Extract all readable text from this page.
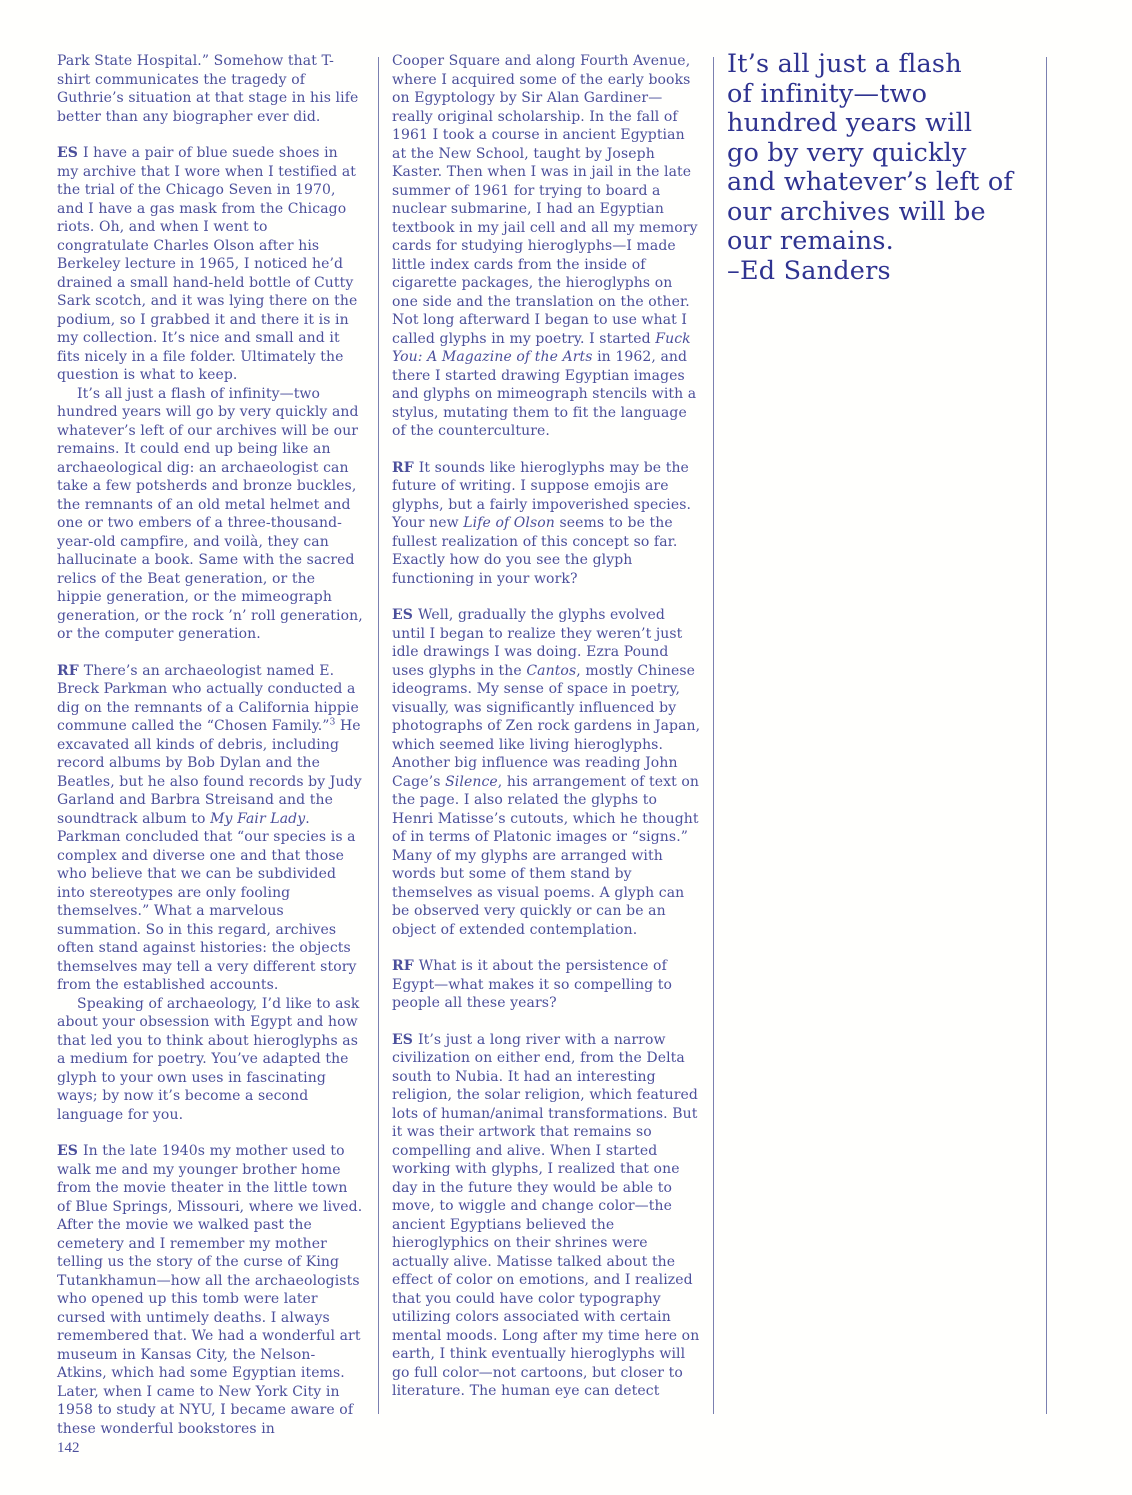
Park State Hospital.” Somehow that T-shirt communicates the tragedy of Guthrie’s situation at that stage in his life better than any biographer ever did.

ES I have a pair of blue suede shoes in my archive that I wore when I testified at the trial of the Chicago Seven in 1970, and I have a gas mask from the Chicago riots. Oh, and when I went to congratulate Charles Olson after his Berkeley lecture in 1965, I noticed he’d drained a small hand-held bottle of Cutty Sark scotch, and it was lying there on the podium, so I grabbed it and there it is in my collection. It’s nice and small and it fits nicely in a file folder. Ultimately the question is what to keep.

It’s all just a flash of infinity—two hundred years will go by very quickly and whatever’s left of our archives will be our remains. It could end up being like an archaeological dig: an archaeologist can take a few potsherds and bronze buckles, the remnants of an old metal helmet and one or two embers of a three-thousand-year-old campfire, and voilà, they can hallucinate a book. Same with the sacred relics of the Beat generation, or the hippie generation, or the mimeograph generation, or the rock ’n’ roll generation, or the computer generation.

RF There’s an archaeologist named E. Breck Parkman who actually conducted a dig on the remnants of a California hippie commune called the “Chosen Family.”$^3$ He excavated all kinds of debris, including record albums by Bob Dylan and the Beatles, but he also found records by Judy Garland and Barbra Streisand and the soundtrack album to My Fair Lady. Parkman concluded that “our species is a complex and diverse one and that those who believe that we can be subdivided into stereotypes are only fooling themselves.” What a marvelous summation. So in this regard, archives often stand against histories: the objects themselves may tell a very different story from the established accounts.

Speaking of archaeology, I’d like to ask about your obsession with Egypt and how that led you to think about hieroglyphs as a medium for poetry. You’ve adapted the glyph to your own uses in fascinating ways; by now it’s become a second language for you.

ES In the late 1940s my mother used to walk me and my younger brother home from the movie theater in the little town of Blue Springs, Missouri, where we lived. After the movie we walked past the cemetery and I remember my mother telling us the story of the curse of King Tutankhamun—how all the archaeologists who opened up this tomb were later cursed with untimely deaths. I always remembered that. We had a wonderful art museum in Kansas City, the Nelson-Atkins, which had some Egyptian items. Later, when I came to New York City in 1958 to study at NYU, I became aware of these wonderful bookstores in

Cooper Square and along Fourth Avenue, where I acquired some of the early books on Egyptology by Sir Alan Gardiner—really original scholarship. In the fall of 1961 I took a course in ancient Egyptian at the New School, taught by Joseph Kaster. Then when I was in jail in the late summer of 1961 for trying to board a nuclear submarine, I had an Egyptian textbook in my jail cell and all my memory cards for studying hieroglyphs—I made little index cards from the inside of cigarette packages, the hieroglyphs on one side and the translation on the other. Not long afterward I began to use what I called glyphs in my poetry. I started Fuck You: A Magazine of the Arts in 1962, and there I started drawing Egyptian images and glyphs on mimeograph stencils with a stylus, mutating them to fit the language of the counterculture.

RF It sounds like hieroglyphs may be the future of writing. I suppose emojis are glyphs, but a fairly impoverished species. Your new Life of Olson seems to be the fullest realization of this concept so far. Exactly how do you see the glyph functioning in your work?

ES Well, gradually the glyphs evolved until I began to realize they weren’t just idle drawings I was doing. Ezra Pound uses glyphs in the Cantos, mostly Chinese ideograms. My sense of space in poetry, visually, was significantly influenced by photographs of Zen rock gardens in Japan, which seemed like living hieroglyphs. Another big influence was reading John Cage’s Silence, his arrangement of text on the page. I also related the glyphs to Henri Matisse’s cutouts, which he thought of in terms of Platonic images or “signs.” Many of my glyphs are arranged with words but some of them stand by themselves as visual poems. A glyph can be observed very quickly or can be an object of extended contemplation.

RF What is it about the persistence of Egypt—what makes it so compelling to people all these years?

ES It’s just a long river with a narrow civilization on either end, from the Delta south to Nubia. It had an interesting religion, the solar religion, which featured lots of human/animal transformations. But it was their artwork that remains so compelling and alive. When I started working with glyphs, I realized that one day in the future they would be able to move, to wiggle and change color—the ancient Egyptians believed the hieroglyphics on their shrines were actually alive. Matisse talked about the effect of color on emotions, and I realized that you could have color typography utilizing colors associated with certain mental moods. Long after my time here on earth, I think eventually hieroglyphs will go full color—not cartoons, but closer to literature. The human eye can detect

It’s all just a flash
of infinity—two
hundred years will
go by very quickly
and whatever’s left of
our archives will be
our remains.
–Ed Sanders
142
